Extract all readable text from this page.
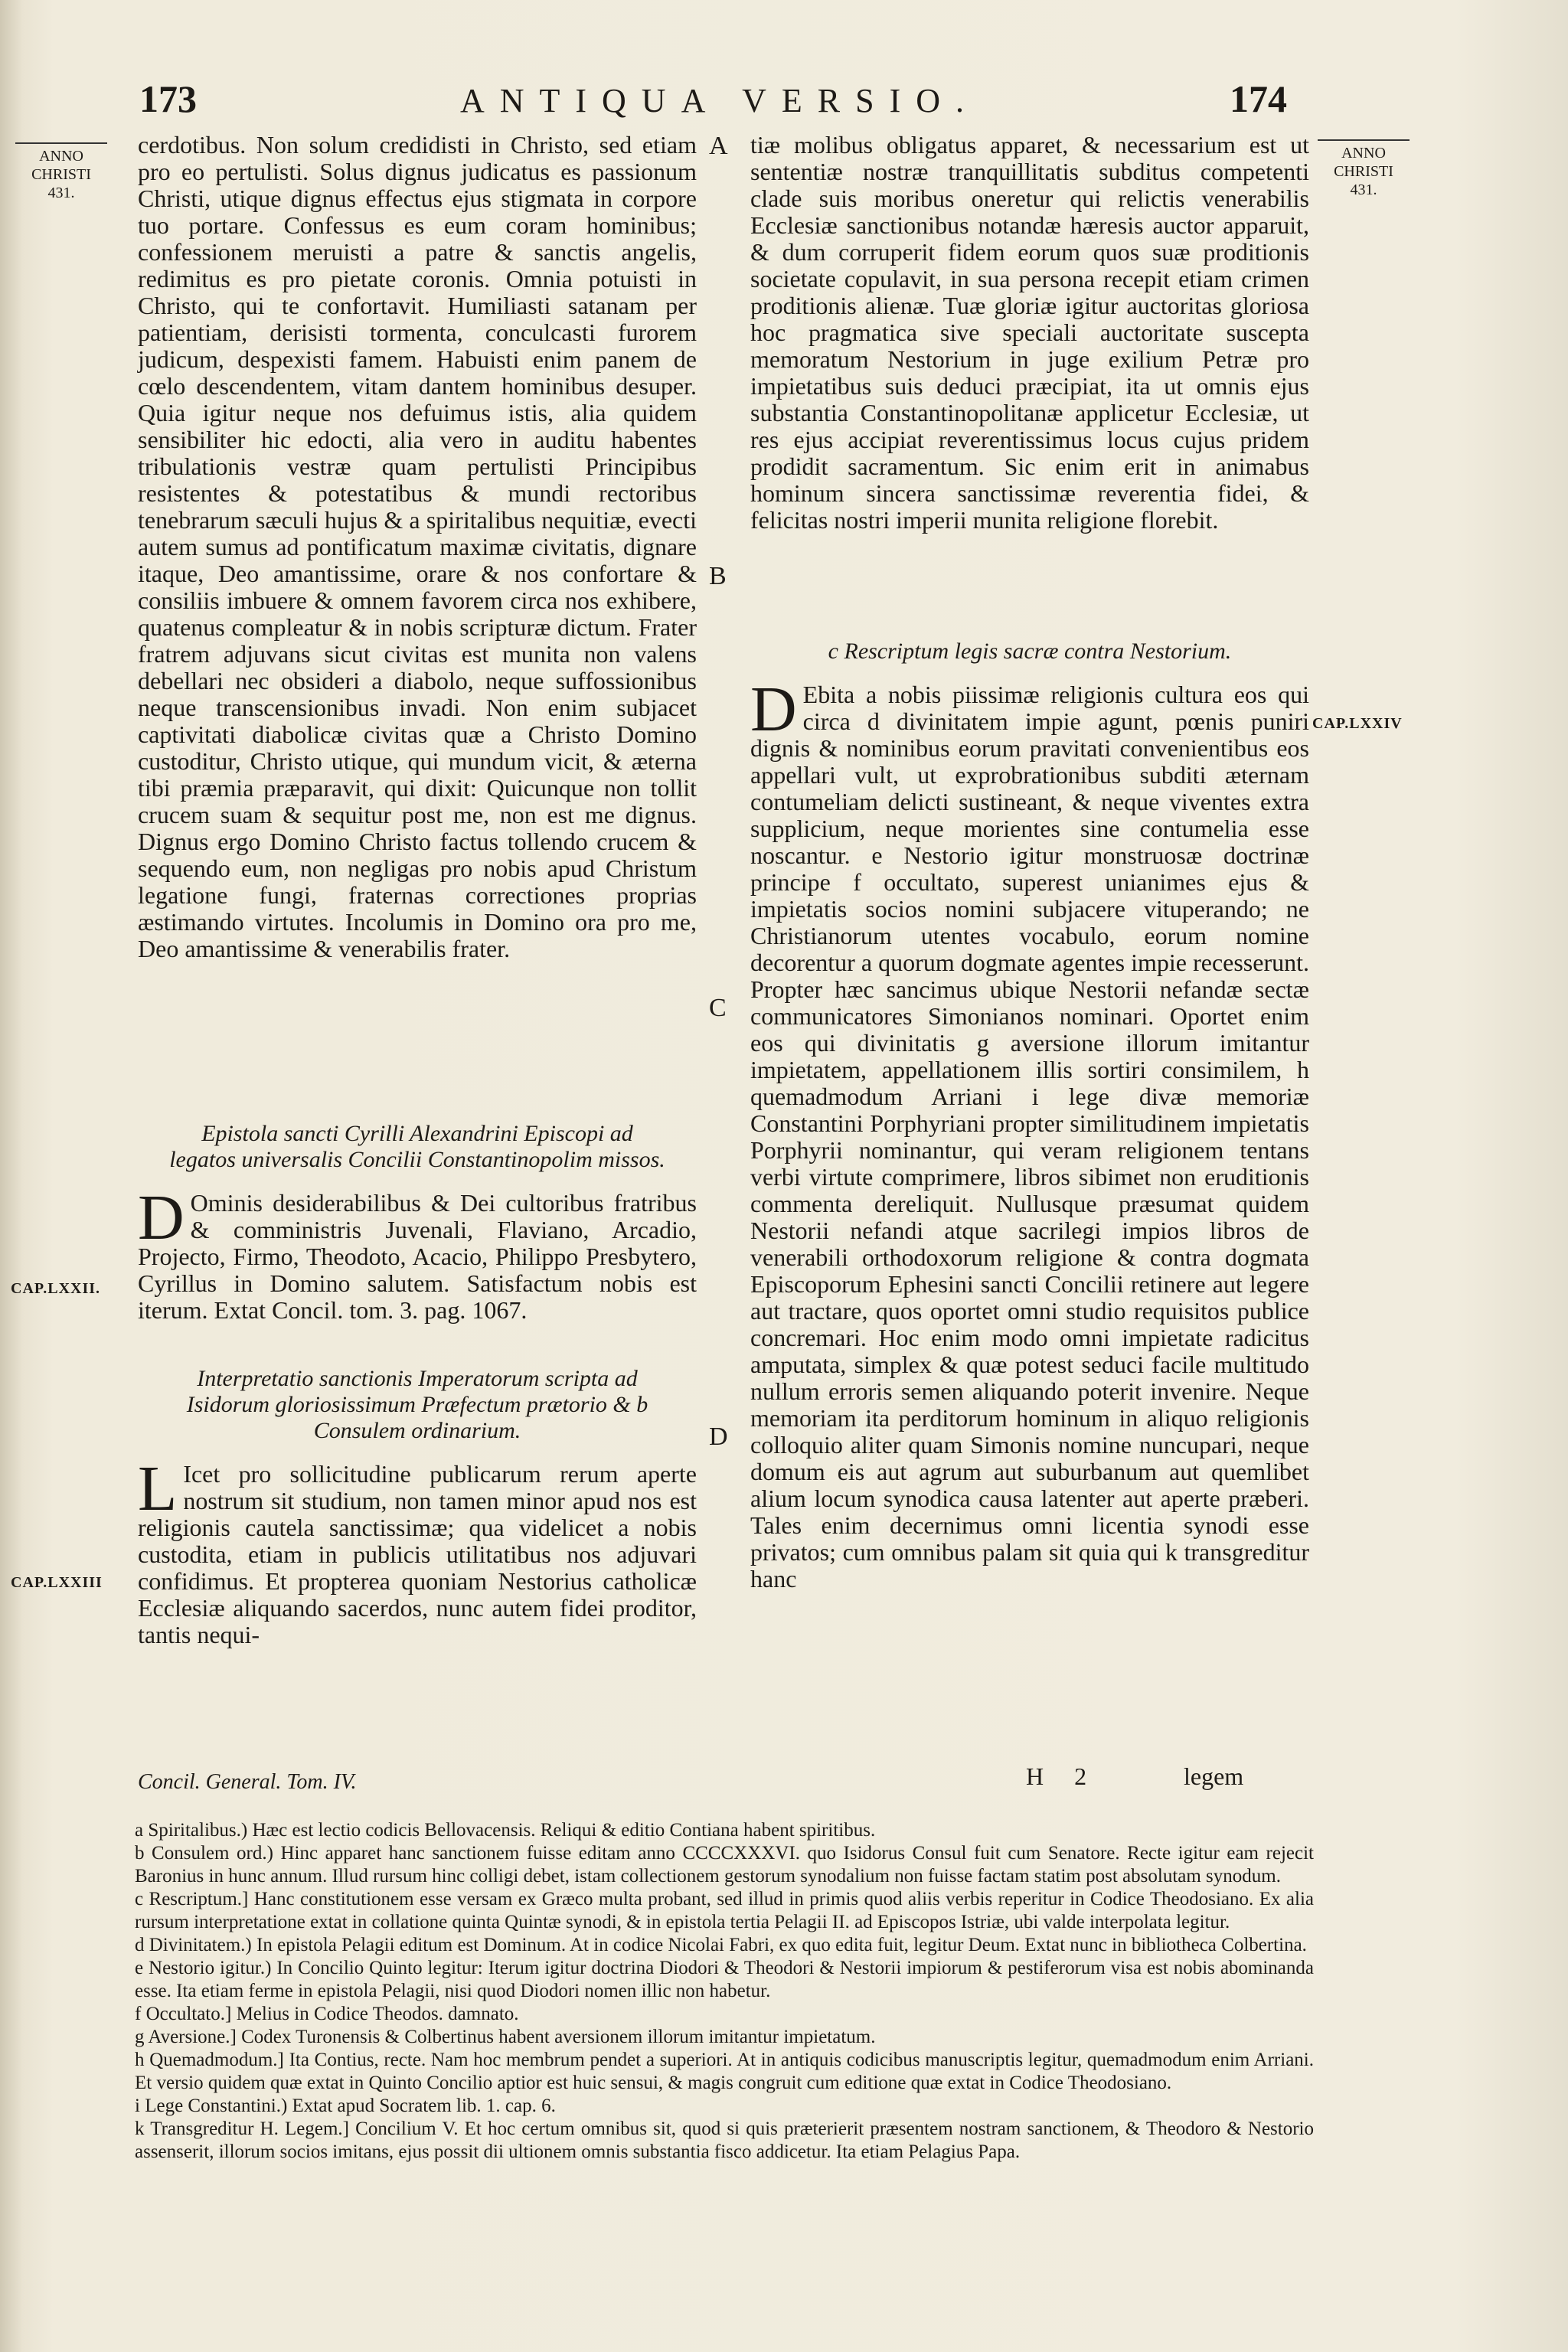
173	ANTIQUA VERSIO.	174
ANNO
CHRISTI
431.
ANNO
CHRISTI
431.

cerdotibus. Non solum credidisti in Christo, sed etiam pro eo pertulisti. Solus dignus judicatus es passionum Christi, utique dignus effectus ejus stigmata in corpore tuo portare. Confessus es eum coram hominibus; confessionem meruisti a patre & sanctis angelis, redimitus es pro pietate coronis. Omnia potuisti in Christo, qui te confortavit. Humiliasti satanam per patientiam, derisisti tormenta, conculcasti furorem judicum, despexisti famem. Habuisti enim panem de cœlo descendentem, vitam dantem hominibus desuper. Quia igitur neque nos defuimus istis, alia quidem sensibiliter hic edocti, alia vero in auditu habentes tribulationis vestræ quam pertulisti Principibus resistentes & potestatibus & mundi rectoribus tenebrarum sæculi hujus & a spiritalibus nequitiæ, evecti autem sumus ad pontificatum maximæ civitatis, dignare itaque, Deo amantissime, orare & nos confortare & consiliis imbuere & omnem favorem circa nos exhibere, quatenus compleatur & in nobis scripturæ dictum. Frater fratrem adjuvans sicut civitas est munita non valens debellari nec obsideri a diabolo, neque suffossionibus neque transcensionibus invadi. Non enim subjacet captivitati diabolicæ civitas quæ a Christo Domino custoditur, Christo utique, qui mundum vicit, & æterna tibi præmia præparavit, qui dixit: Quicunque non tollit crucem suam & sequitur post me, non est me dignus. Dignus ergo Domino Christo factus tollendo crucem & sequendo eum, non negligas pro nobis apud Christum legatione fungi, fraternas correctiones proprias æstimando virtutes. Incolumis in Domino ora pro me, Deo amantissime & venerabilis frater.

Epistola sancti Cyrilli Alexandrini Episcopi ad legatos universalis Concilii Constantinopolim missos.

D Ominis desiderabilibus & Dei cultoribus fratribus & comministris Juvenali, Flaviano, Arcadio, Projecto, Firmo, Theodoto, Acacio, Philippo Presbytero, Cyrillus in Domino salutem. Satisfactum nobis est iterum. Extat Concil. tom. 3. pag. 1067.

Interpretatio sanctionis Imperatorum scripta ad Isidorum gloriosissimum Præfectum prætorio & b Consulem ordinarium.

L Icet pro sollicitudine publicarum rerum aperte nostrum sit studium, non tamen minor apud nos est religionis cautela sanctissimæ; qua videlicet a nobis custodita, etiam in publicis utilitatibus nos adjuvari confidimus. Et propterea quoniam Nestorius catholicæ Ecclesiæ aliquando sacerdos, nunc autem fidei proditor, tantis nequi-

tiæ molibus obligatus apparet, & necessarium est ut sententiæ nostræ tranquillitatis subditus competenti clade suis moribus oneretur qui relictis venerabilis Ecclesiæ sanctionibus notandæ hæresis auctor apparuit, & dum corruperit fidem eorum quos suæ proditionis societate copulavit, in sua persona recepit etiam crimen proditionis alienæ. Tuæ gloriæ igitur auctoritas gloriosa hoc pragmatica sive speciali auctoritate suscepta memoratum Nestorium in juge exilium Petræ pro impietatibus suis deduci præcipiat, ita ut omnis ejus substantia Constantinopolitanæ applicetur Ecclesiæ, ut res ejus accipiat reverentissimus locus cujus pridem prodidit sacramentum. Sic enim erit in animabus hominum sincera sanctissimæ reverentia fidei, & felicitas nostri imperii munita religione florebit.

c Rescriptum legis sacræ contra Nestorium.

D Ebita a nobis piissimæ religionis cultura eos qui circa d divinitatem impie agunt, pœnis puniri dignis & nominibus eorum pravitati convenientibus eos appellari vult, ut exprobrationibus subditi æternam contumeliam delicti sustineant, & neque viventes extra supplicium, neque morientes sine contumelia esse noscantur. e Nestorio igitur monstruosæ doctrinæ principe f occultato, superest unianimes ejus & impietatis socios nomini subjacere vituperando; ne Christianorum utentes vocabulo, eorum nomine decorentur a quorum dogmate agentes impie recesserunt. Propter hæc sancimus ubique Nestorii nefandæ sectæ communicatores Simonianos nominari. Oportet enim eos qui divinitatis g aversione illorum imitantur impietatem, appellationem illis sortiri consimilem, h quemadmodum Arriani i lege divæ memoriæ Constantini Porphyriani propter similitudinem impietatis Porphyrii nominantur, qui veram religionem tentans verbi virtute comprimere, libros sibimet non eruditionis commenta dereliquit. Nullusque præsumat quidem Nestorii nefandi atque sacrilegi impios libros de venerabili orthodoxorum religione & contra dogmata Episcoporum Ephesini sancti Concilii retinere aut legere aut tractare, quos oportet omni studio requisitos publice concremari. Hoc enim modo omni impietate radicitus amputata, simplex & quæ potest seduci facile multitudo nullum erroris semen aliquando poterit invenire. Neque memoriam ita perditorum hominum in aliquo religionis colloquio aliter quam Simonis nomine nuncupari, neque domum eis aut agrum aut suburbanum aut quemlibet alium locum synodica causa latenter aut aperte præberi. Tales enim decernimus omni licentia synodi esse privatos; cum omnibus palam sit quia qui k transgreditur hanc

A
B
C
D
CAP.LXXII.
CAP.LXXIII
CAP.LXXIV
Concil. General. Tom. IV.	H 2	legem

a Spiritalibus.) Hæc est lectio codicis Bellovacensis. Reliqui & editio Contiana habent spiritibus.

b Consulem ord.) Hinc apparet hanc sanctionem fuisse editam anno CCCCXXXVI. quo Isidorus Consul fuit cum Senatore. Recte igitur eam rejecit Baronius in hunc annum. Illud rursum hinc colligi debet, istam collectionem gestorum synodalium non fuisse factam statim post absolutam synodum.

c Rescriptum.] Hanc constitutionem esse versam ex Græco multa probant, sed illud in primis quod aliis verbis reperitur in Codice Theodosiano. Ex alia rursum interpretatione extat in collatione quinta Quintæ synodi, & in epistola tertia Pelagii II. ad Episcopos Istriæ, ubi valde interpolata legitur.

d Divinitatem.) In epistola Pelagii editum est Dominum. At in codice Nicolai Fabri, ex quo edita fuit, legitur Deum. Extat nunc in bibliotheca Colbertina.

e Nestorio igitur.) In Concilio Quinto legitur: Iterum igitur doctrina Diodori & Theodori & Nestorii impiorum & pestiferorum visa est nobis abominanda esse. Ita etiam ferme in epistola Pelagii, nisi quod Diodori nomen illic non habetur.

f Occultato.] Melius in Codice Theodos. damnato.

g Aversione.] Codex Turonensis & Colbertinus habent aversionem illorum imitantur impietatum.

h Quemadmodum.] Ita Contius, recte. Nam hoc membrum pendet a superiori. At in antiquis codicibus manuscriptis legitur, quemadmodum enim Arriani. Et versio quidem quæ extat in Quinto Concilio aptior est huic sensui, & magis congruit cum editione quæ extat in Codice Theodosiano.

i Lege Constantini.) Extat apud Socratem lib. 1. cap. 6.

k Transgreditur H. Legem.] Concilium V. Et hoc certum omnibus sit, quod si quis præterierit præsentem nostram sanctionem, & Theodoro & Nestorio assenserit, illorum socios imitans, ejus possit dii ultionem omnis substantia fisco addicetur. Ita etiam Pelagius Papa.
